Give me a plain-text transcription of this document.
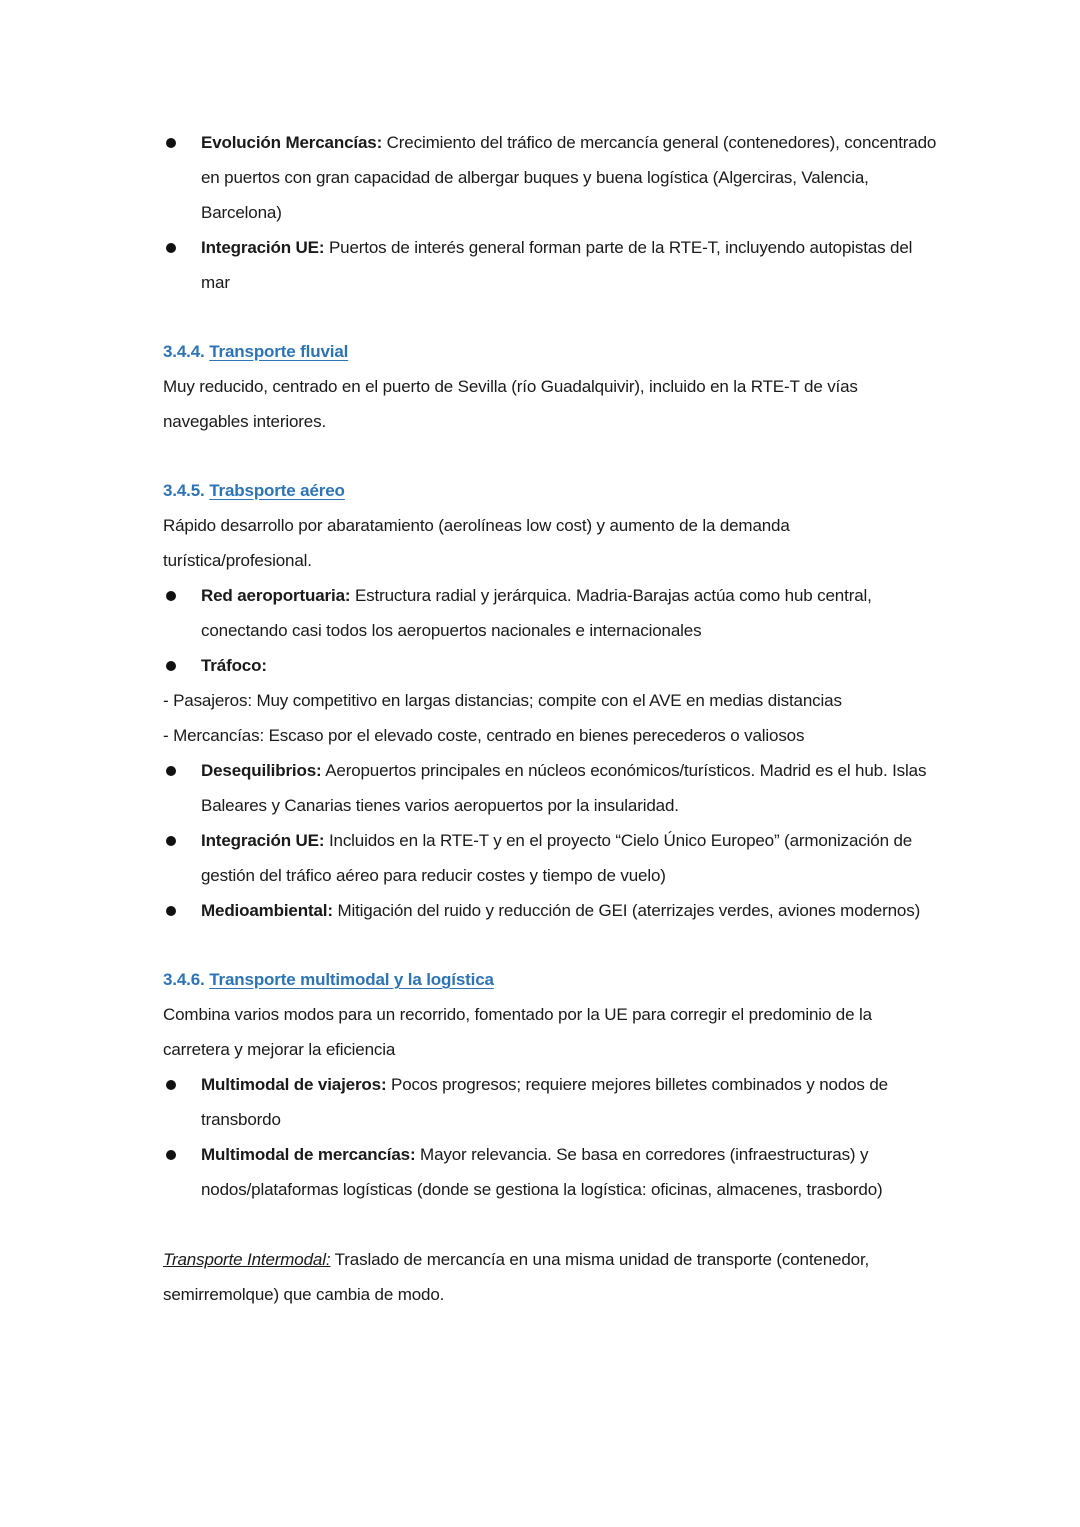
Evolución Mercancías: Crecimiento del tráfico de mercancía general (contenedores), concentrado en puertos con gran capacidad de albergar buques y buena logística (Algerciras, Valencia, Barcelona)
Integración UE: Puertos de interés general forman parte de la RTE-T, incluyendo autopistas del mar
3.4.4. Transporte fluvial

Muy reducido, centrado en el puerto de Sevilla (río Guadalquivir), incluido en la RTE-T de vías navegables interiores.

3.4.5. Trabsporte aéreo

Rápido desarrollo por abaratamiento (aerolíneas low cost) y aumento de la demanda turística/profesional.

Red aeroportuaria: Estructura radial y jerárquica. Madria-Barajas actúa como hub central, conectando casi todos los aeropuertos nacionales e internacionales
Tráfoco:

- Pasajeros: Muy competitivo en largas distancias; compite con el AVE en medias distancias

- Mercancías: Escaso por el elevado coste, centrado en bienes perecederos o valiosos

Desequilibrios: Aeropuertos principales en núcleos económicos/turísticos. Madrid es el hub. Islas Baleares y Canarias tienes varios aeropuertos por la insularidad.
Integración UE: Incluidos en la RTE-T y en el proyecto “Cielo Único Europeo” (armonización de gestión del tráfico aéreo para reducir costes y tiempo de vuelo)
Medioambiental: Mitigación del ruido y reducción de GEI (aterrizajes verdes, aviones modernos)
3.4.6. Transporte multimodal y la logística

Combina varios modos para un recorrido, fomentado por la UE para corregir el predominio de la carretera y mejorar la eficiencia

Multimodal de viajeros: Pocos progresos; requiere mejores billetes combinados y nodos de transbordo
Multimodal de mercancías: Mayor relevancia. Se basa en corredores (infraestructuras) y nodos/plataformas logísticas (donde se gestiona la logística: oficinas, almacenes, trasbordo)

Transporte Intermodal: Traslado de mercancía en una misma unidad de transporte (contenedor, semirremolque) que cambia de modo.
